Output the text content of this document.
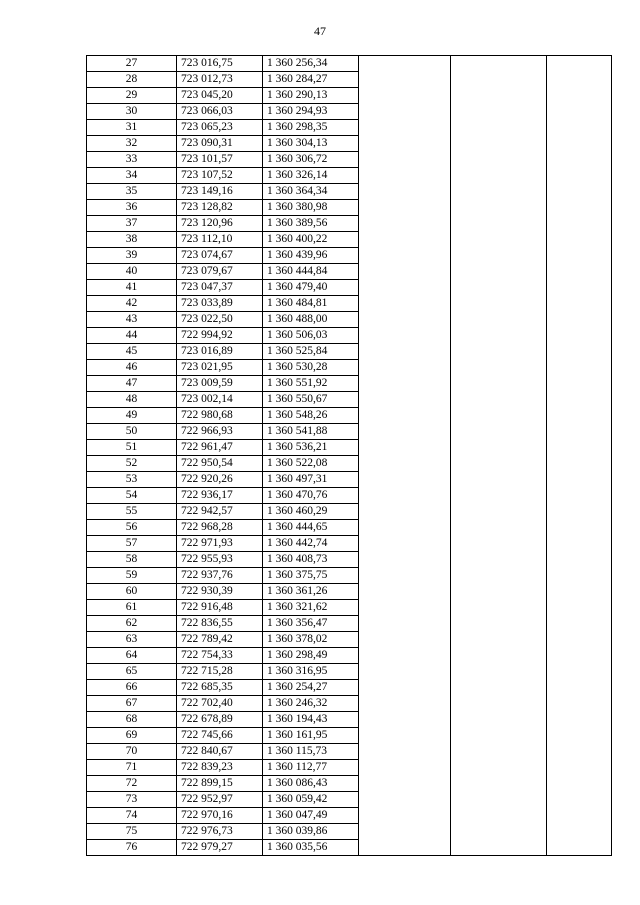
47
27	723 016,75	1 360 256,34			
28	723 012,73	1 360 284,27			
29	723 045,20	1 360 290,13			
30	723 066,03	1 360 294,93			
31	723 065,23	1 360 298,35			
32	723 090,31	1 360 304,13			
33	723 101,57	1 360 306,72			
34	723 107,52	1 360 326,14			
35	723 149,16	1 360 364,34			
36	723 128,82	1 360 380,98			
37	723 120,96	1 360 389,56			
38	723 112,10	1 360 400,22			
39	723 074,67	1 360 439,96			
40	723 079,67	1 360 444,84			
41	723 047,37	1 360 479,40			
42	723 033,89	1 360 484,81			
43	723 022,50	1 360 488,00			
44	722 994,92	1 360 506,03			
45	723 016,89	1 360 525,84			
46	723 021,95	1 360 530,28			
47	723 009,59	1 360 551,92			
48	723 002,14	1 360 550,67			
49	722 980,68	1 360 548,26			
50	722 966,93	1 360 541,88			
51	722 961,47	1 360 536,21			
52	722 950,54	1 360 522,08			
53	722 920,26	1 360 497,31			
54	722 936,17	1 360 470,76			
55	722 942,57	1 360 460,29			
56	722 968,28	1 360 444,65			
57	722 971,93	1 360 442,74			
58	722 955,93	1 360 408,73			
59	722 937,76	1 360 375,75			
60	722 930,39	1 360 361,26			
61	722 916,48	1 360 321,62			
62	722 836,55	1 360 356,47			
63	722 789,42	1 360 378,02			
64	722 754,33	1 360 298,49			
65	722 715,28	1 360 316,95			
66	722 685,35	1 360 254,27			
67	722 702,40	1 360 246,32			
68	722 678,89	1 360 194,43			
69	722 745,66	1 360 161,95			
70	722 840,67	1 360 115,73			
71	722 839,23	1 360 112,77			
72	722 899,15	1 360 086,43			
73	722 952,97	1 360 059,42			
74	722 970,16	1 360 047,49			
75	722 976,73	1 360 039,86			
76	722 979,27	1 360 035,56			
